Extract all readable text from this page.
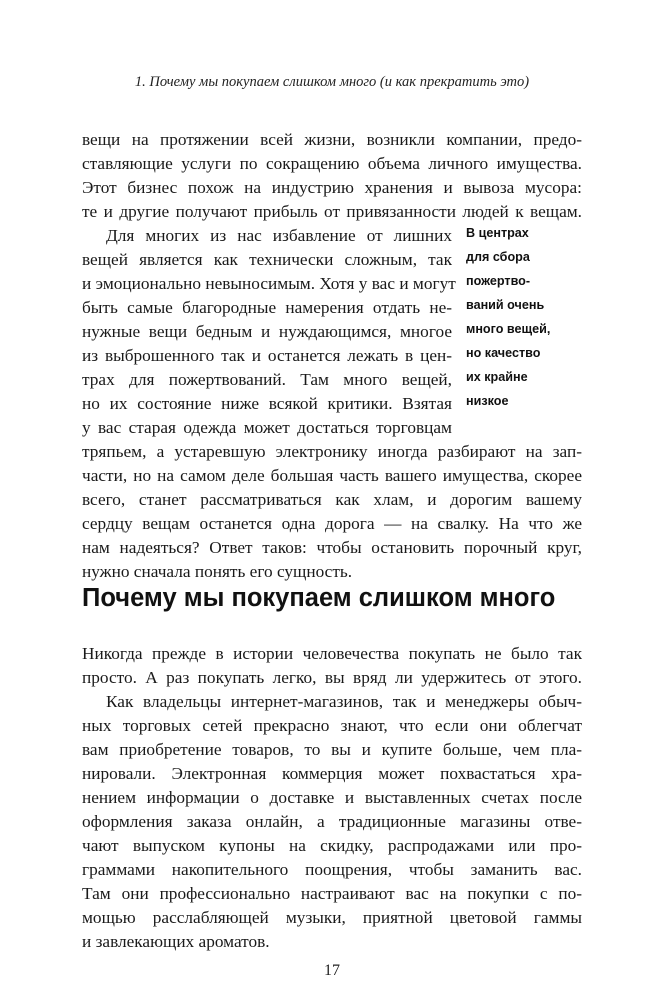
1. Почему мы покупаем слишком много (и как прекратить это)
вещи на протяжении всей жизни, возникли компании, предо-
ставляющие услуги по сокращению объема личного имущества.
Этот бизнес похож на индустрию хранения и вывоза мусора:
те и другие получают прибыль от привязанности людей к вещам.
Для многих из нас избавление от лишних
вещей является как технически сложным, так
и эмоционально невыносимым. Хотя у вас и могут
быть самые благородные намерения отдать не-
нужные вещи бедным и нуждающимся, многое
из выброшенного так и останется лежать в цен-
трах для пожертвований. Там много вещей,
но их состояние ниже всякой критики. Взятая
у вас старая одежда может достаться торговцам
В центрах
для сбора
пожертво-
ваний очень
много вещей,
но качество
их крайне
низкое
тряпьем, а устаревшую электронику иногда разбирают на зап-
части, но на самом деле большая часть вашего имущества, скорее
всего, станет рассматриваться как хлам, и дорогим вашему
сердцу вещам останется одна дорога — на свалку. На что же
нам надеяться? Ответ таков: чтобы остановить порочный круг,
нужно сначала понять его сущность.
Почему мы покупаем слишком много
Никогда прежде в истории человечества покупать не было так
просто. А раз покупать легко, вы вряд ли удержитесь от этого.
Как владельцы интернет-магазинов, так и менеджеры обыч-
ных торговых сетей прекрасно знают, что если они облегчат
вам приобретение товаров, то вы и купите больше, чем пла-
нировали. Электронная коммерция может похвастаться хра-
нением информации о доставке и выставленных счетах после
оформления заказа онлайн, а традиционные магазины отве-
чают выпуском купоны на скидку, распродажами или про-
граммами накопительного поощрения, чтобы заманить вас.
Там они профессионально настраивают вас на покупки с по-
мощью расслабляющей музыки, приятной цветовой гаммы
и завлекающих ароматов.
17
